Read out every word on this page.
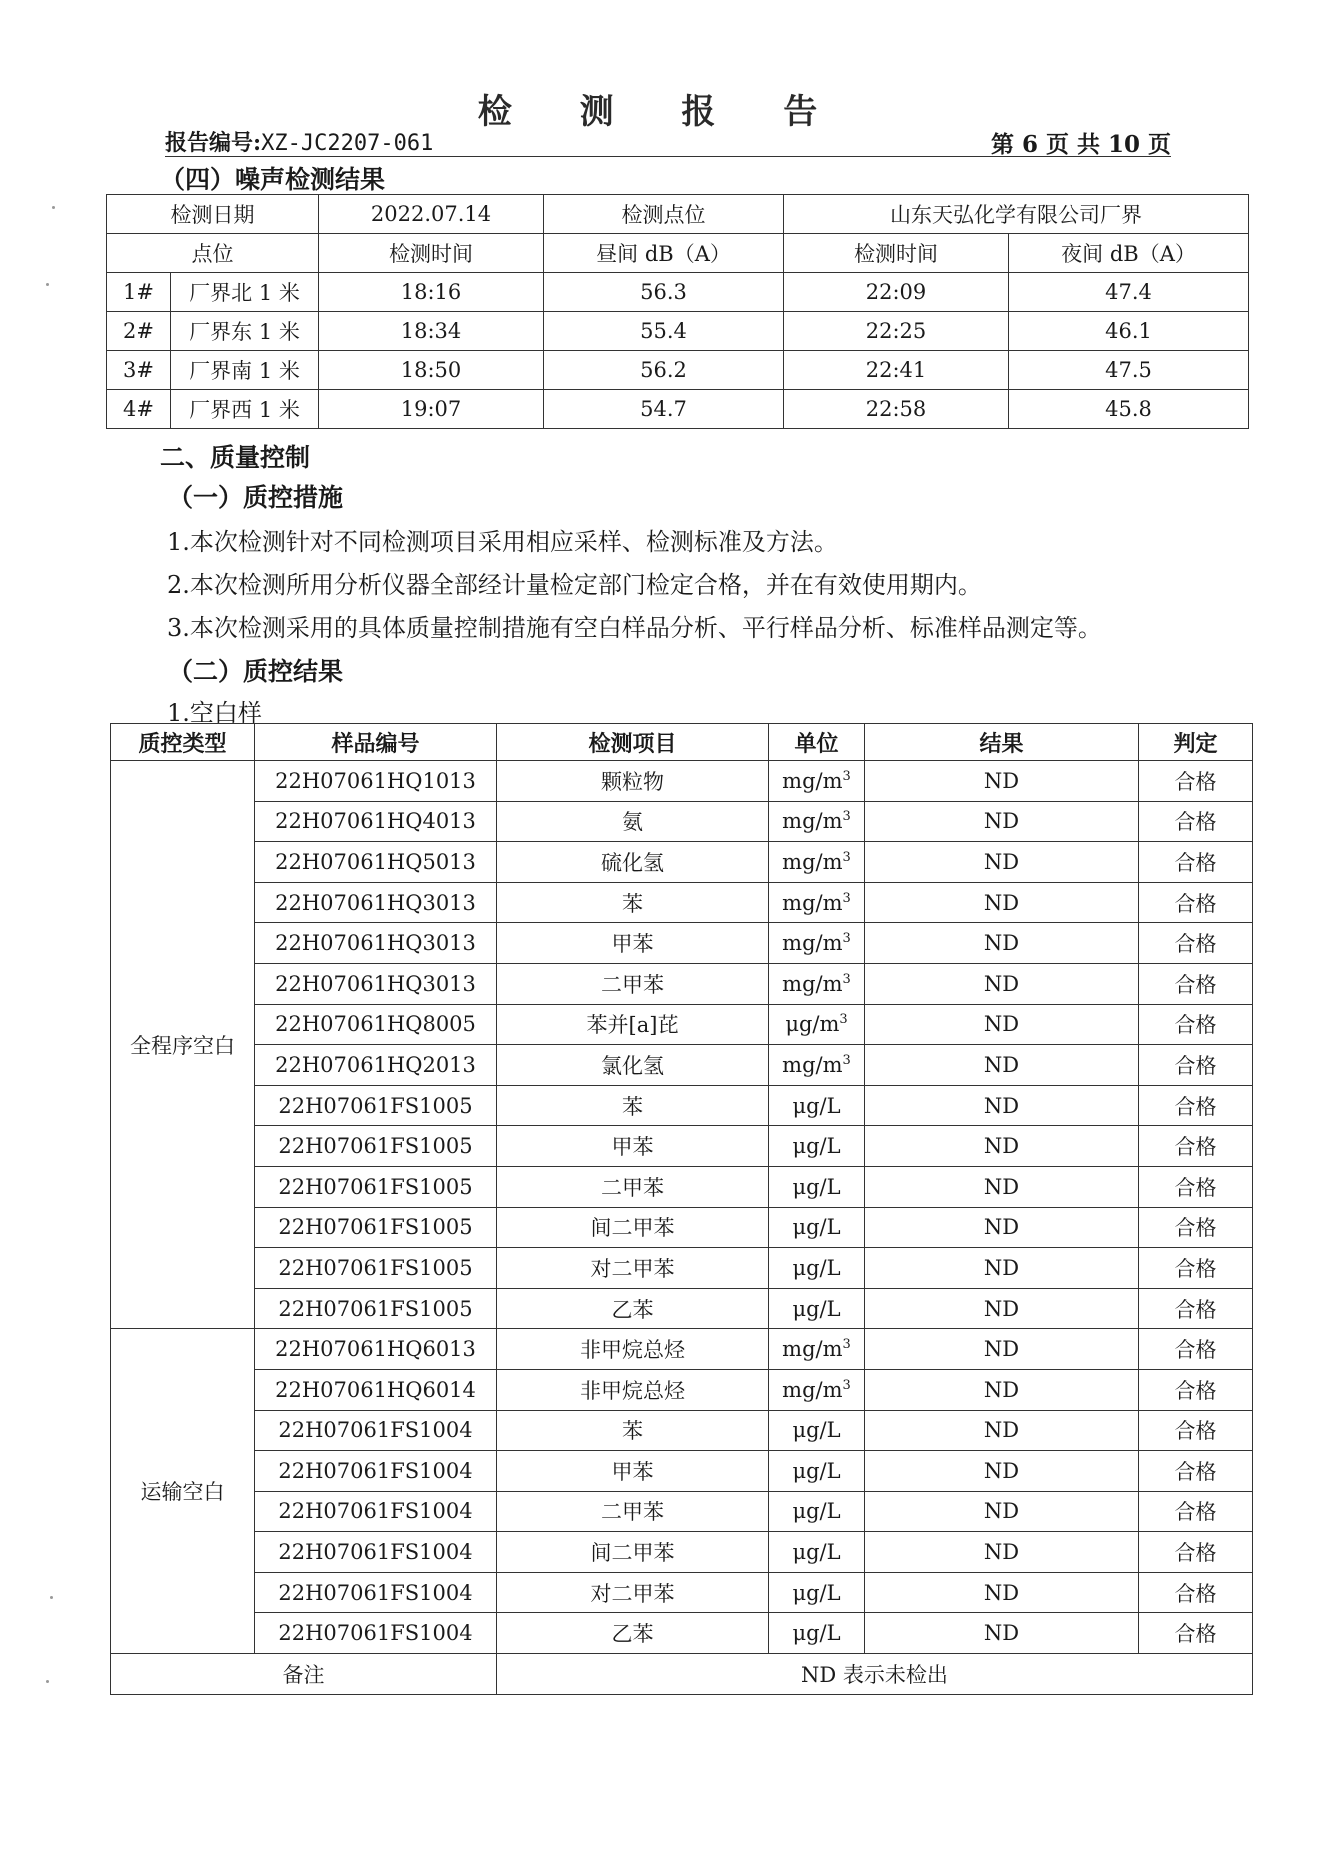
检 测 报 告
报告编号:XZ-JC2207-061	第 6 页 共 10 页
（四）噪声检测结果
检测日期		2022.07.14	检测点位	山东天弘化学有限公司厂界	
点位		检测时间	昼间 dB（A）	检测时间	夜间 dB（A）
1#	厂界北 1 米	18:16	56.3	22:09	47.4
2#	厂界东 1 米	18:34	55.4	22:25	46.1
3#	厂界南 1 米	18:50	56.2	22:41	47.5
4#	厂界西 1 米	19:07	54.7	22:58	45.8
二、质量控制
（一）质控措施
1.本次检测针对不同检测项目采用相应采样、检测标准及方法。
2.本次检测所用分析仪器全部经计量检定部门检定合格，并在有效使用期内。
3.本次检测采用的具体质量控制措施有空白样品分析、平行样品分析、标准样品测定等。
（二）质控结果
1.空白样
质控类型	样品编号	检测项目	单位	结果	判定
全程序空白	22H07061HQ1013	颗粒物	$mg/m^3$	ND	合格
	22H07061HQ4013	氨	$mg/m^3$	ND	合格
	22H07061HQ5013	硫化氢	$mg/m^3$	ND	合格
	22H07061HQ3013	苯	$mg/m^3$	ND	合格
	22H07061HQ3013	甲苯	$mg/m^3$	ND	合格
	22H07061HQ3013	二甲苯	$mg/m^3$	ND	合格
	22H07061HQ8005	苯并[a]芘	$\mu g/m^3$	ND	合格
	22H07061HQ2013	氯化氢	$mg/m^3$	ND	合格
	22H07061FS1005	苯	μg/L	ND	合格
	22H07061FS1005	甲苯	μg/L	ND	合格
	22H07061FS1005	二甲苯	μg/L	ND	合格
	22H07061FS1005	间二甲苯	μg/L	ND	合格
	22H07061FS1005	对二甲苯	μg/L	ND	合格
	22H07061FS1005	乙苯	μg/L	ND	合格
运输空白	22H07061HQ6013	非甲烷总烃	$mg/m^3$	ND	合格
	22H07061HQ6014	非甲烷总烃	$mg/m^3$	ND	合格
	22H07061FS1004	苯	μg/L	ND	合格
	22H07061FS1004	甲苯	μg/L	ND	合格
	22H07061FS1004	二甲苯	μg/L	ND	合格
	22H07061FS1004	间二甲苯	μg/L	ND	合格
	22H07061FS1004	对二甲苯	μg/L	ND	合格
	22H07061FS1004	乙苯	μg/L	ND	合格
备注		ND 表示未检出			
